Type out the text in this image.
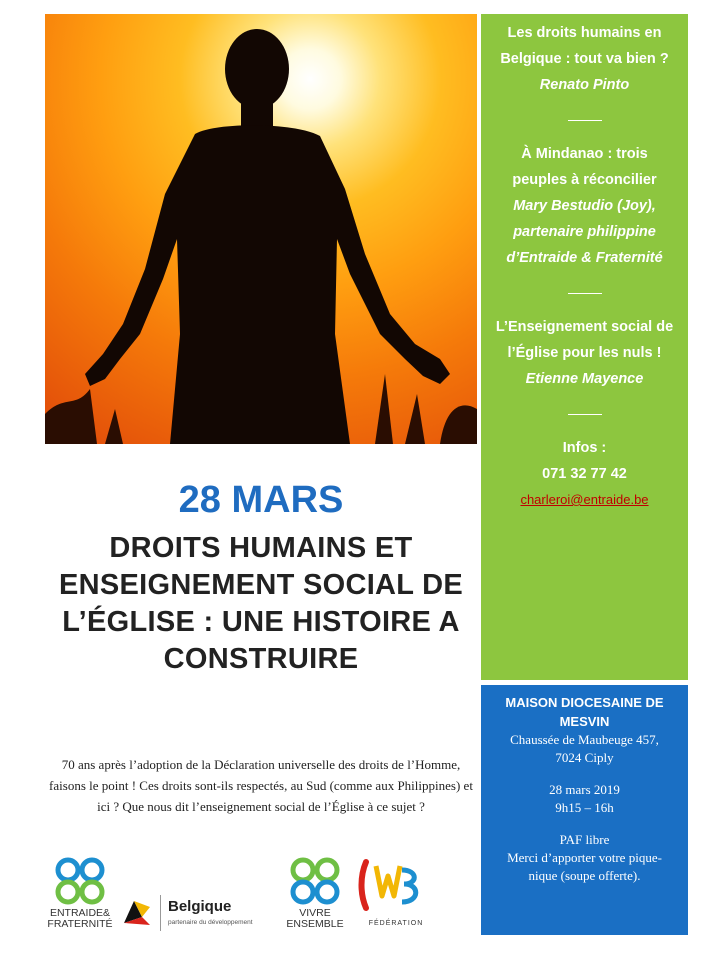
Les droits humains en Belgique : tout va bien ?
Renato Pinto
À Mindanao : trois peuples à réconcilier
Mary Bestudio (Joy), partenaire philippine d’Entraide & Fraternité
L’Enseignement social de l’Église pour les nuls !
Etienne Mayence
Infos :
071 32 77 42
charleroi@entraide.be
MAISON DIOCESAINE DE MESVIN
Chaussée de Maubeuge 457, 7024 Ciply
28 mars 2019
9h15 – 16h
PAF libre
Merci d’apporter votre pique-nique (soupe offerte).
28 MARS
DROITS HUMAINS ET ENSEIGNEMENT SOCIAL DE L’ÉGLISE : UNE HISTOIRE A CONSTRUIRE
70 ans après l’adoption de la Déclaration universelle des droits de l’Homme, faisons le point ! Ces droits sont-ils respectés, au Sud (comme aux Philippines) et ici ? Que nous dit l’enseignement social de l’Église à ce sujet ?
ENTRAIDE&
FRATERNITÉ
Belgique
partenaire du développement
VIVRE
ENSEMBLE	FÉDÉRATION
